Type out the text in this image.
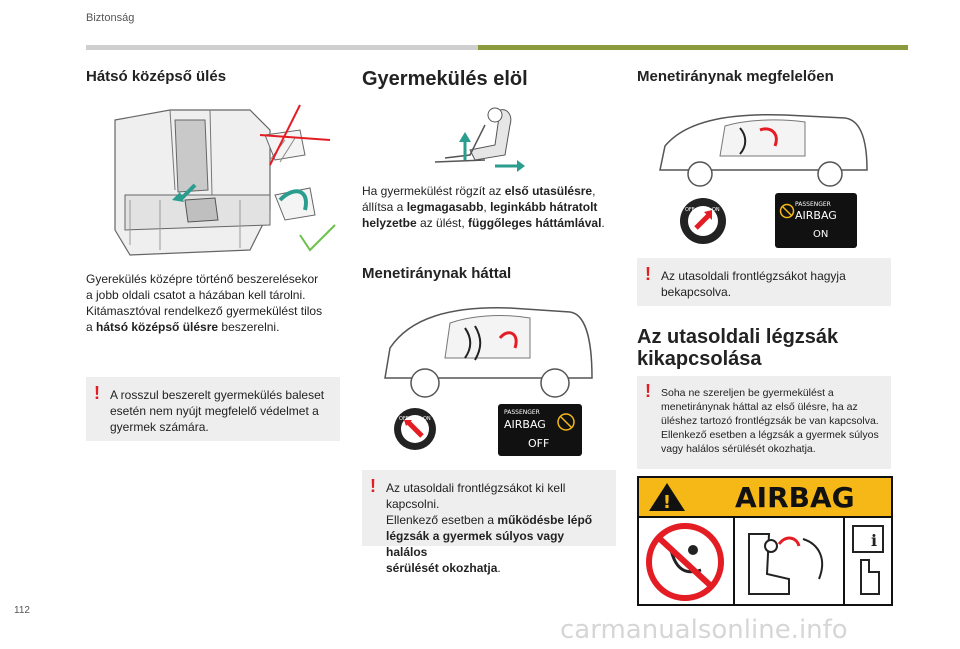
Biztonság
Hátsó középső ülés
Gyerekülés középre történő beszerelésekor
a jobb oldali csatot a házában kell tárolni.
Kitámasztóval rendelkező gyermekülést tilos
a hátsó középső ülésre beszerelni.
! A rosszul beszerelt gyermekülés baleset esetén nem nyújt megfelelő védelmet a gyermek számára.
Gyermekülés elöl
Ha gyermekülést rögzít az első utasülésre,
állítsa a legmagasabb, leginkább hátratolt
helyzetbe az ülést, függőleges háttámlával.
Menetiránynak háttal
OFF	ON
PASSENGER
AIRBAG
OFF
! Az utasoldali frontlégzsákot ki kell kapcsolni.
Ellenkező esetben a működésbe lépő
légzsák a gyermek súlyos vagy halálos
sérülését okozhatja.
Menetiránynak megfelelően
OFF	ON
PASSENGER
AIRBAG
ON
! Az utasoldali frontlégzsákot hagyja bekapcsolva.
Az utasoldali légzsák
kikapcsolása
! Soha ne szereljen be gyermekülést a menetiránynak háttal az első ülésre, ha az üléshez tartozó frontlégzsák be van kapcsolva. Ellenkező esetben a légzsák a gyermek súlyos vagy halálos sérülését okozhatja.
! AIRBAG
i
112
carmanualsonline.info
